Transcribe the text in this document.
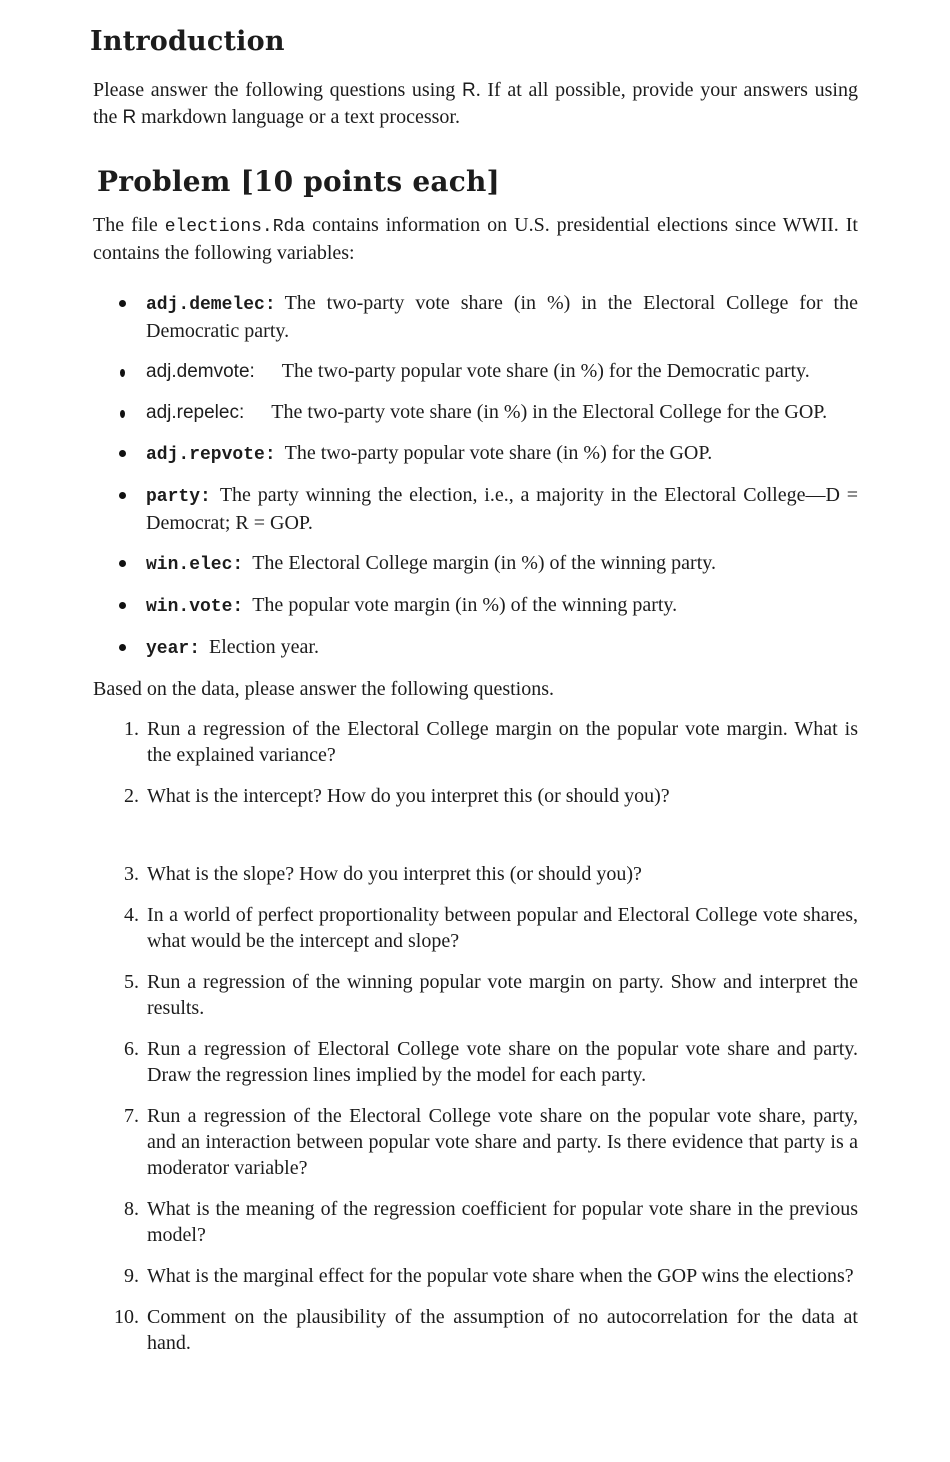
Introduction

Please answer the following questions using R. If at all possible, provide your answers using the R markdown language or a text processor.

Problem [10 points each]

The file elections.Rda contains information on U.S. presidential elections since WWII. It contains the following variables:

adj.demelec: The two-party vote share (in %) in the Electoral College for the Democratic party.
adj.demvote: The two-party popular vote share (in %) for the Democratic party.
adj.repelec: The two-party vote share (in %) in the Electoral College for the GOP.
adj.repvote: The two-party popular vote share (in %) for the GOP.
party: The party winning the election, i.e., a majority in the Electoral College—D = Democrat; R = GOP.
win.elec: The Electoral College margin (in %) of the winning party.
win.vote: The popular vote margin (in %) of the winning party.
year: Election year.

Based on the data, please answer the following questions.

1. Run a regression of the Electoral College margin on the popular vote margin. What is the explained variance?
2. What is the intercept? How do you interpret this (or should you)?
3. What is the slope? How do you interpret this (or should you)?
4. In a world of perfect proportionality between popular and Electoral College vote shares, what would be the intercept and slope?
5. Run a regression of the winning popular vote margin on party. Show and interpret the results.
6. Run a regression of Electoral College vote share on the popular vote share and party. Draw the regression lines implied by the model for each party.
7. Run a regression of the Electoral College vote share on the popular vote share, party, and an interaction between popular vote share and party. Is there evidence that party is a moderator variable?
8. What is the meaning of the regression coefficient for popular vote share in the previous model?
9. What is the marginal effect for the popular vote share when the GOP wins the elections?
10. Comment on the plausibility of the assumption of no autocorrelation for the data at hand.
